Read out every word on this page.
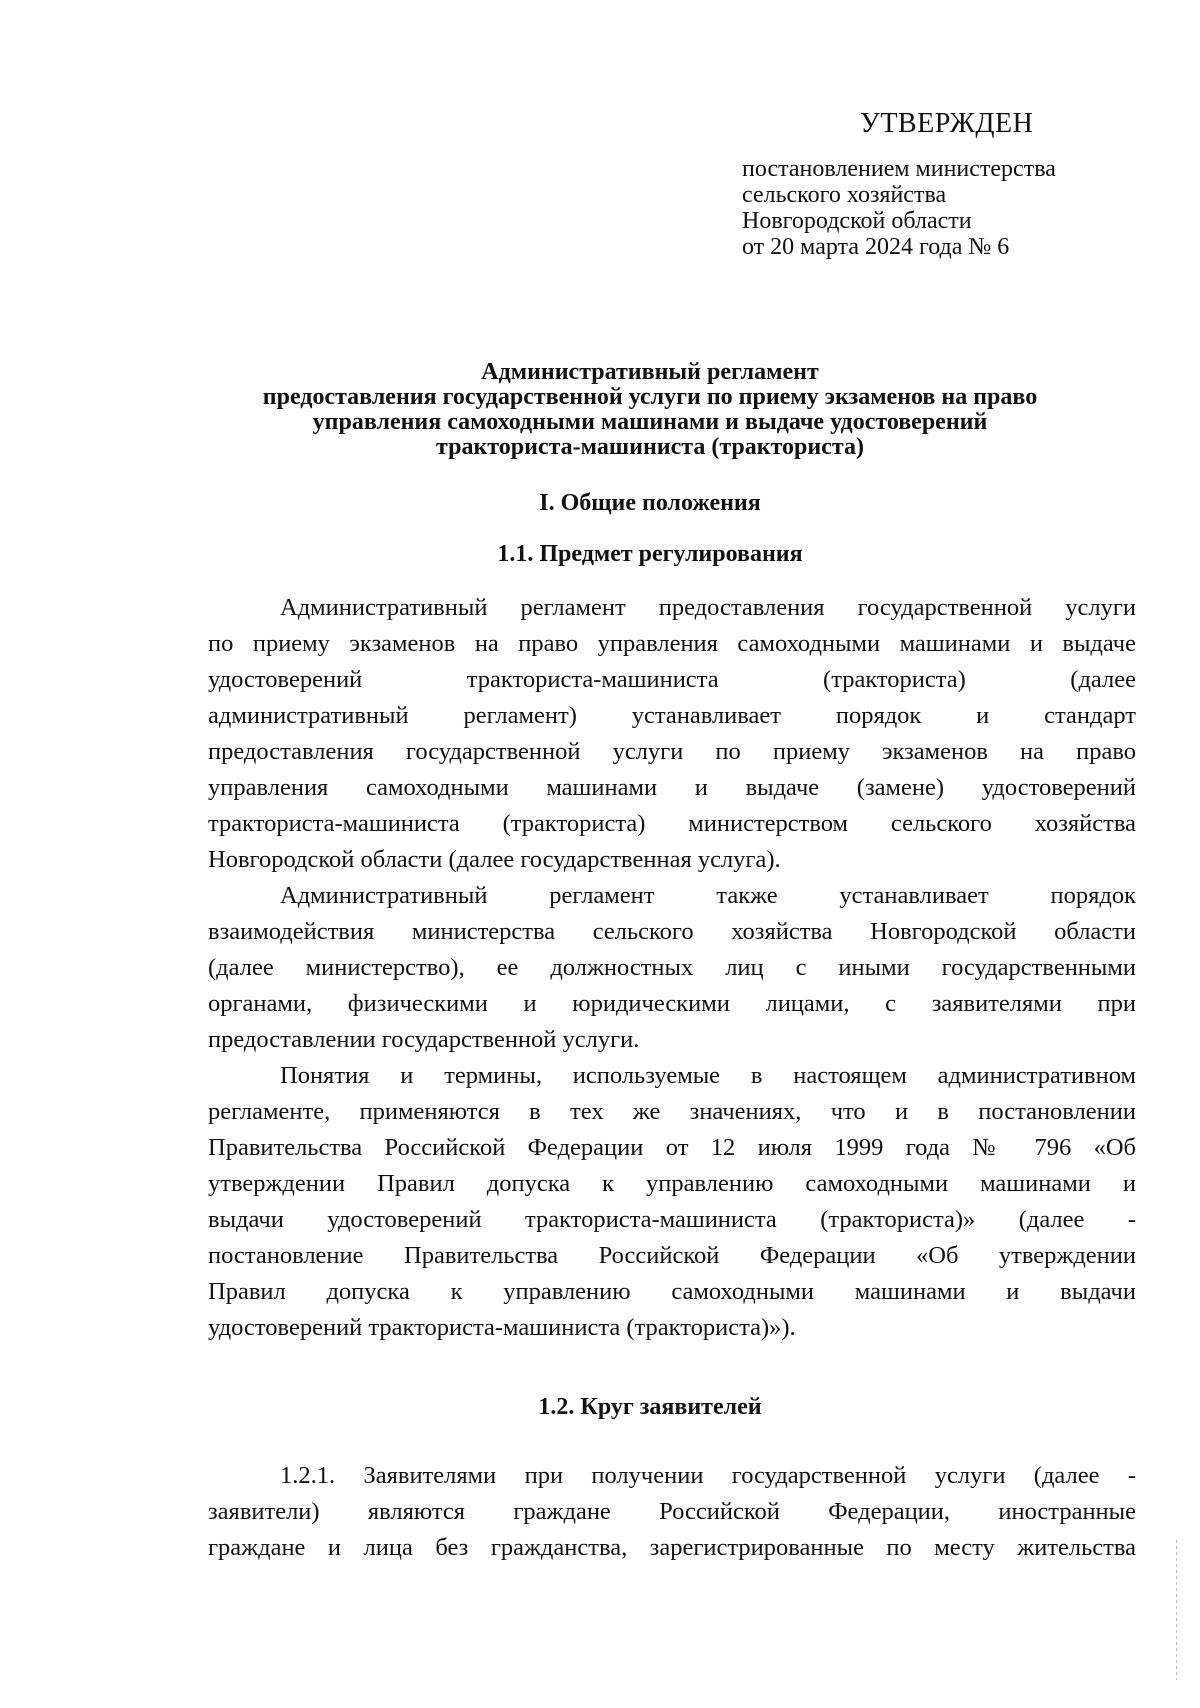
УТВЕРЖДЕН
постановлением министерства
сельского хозяйства
Новгородской области
от 20 марта 2024 года № 6
Административный регламент
предоставления государственной услуги по приему экзаменов на право
управления самоходными машинами и выдаче удостоверений
тракториста-машиниста (тракториста)
I. Общие положения
1.1. Предмет регулирования
Административный регламент предоставления государственной услуги
по приему экзаменов на право управления самоходными машинами и выдаче
удостоверений тракториста-машиниста (тракториста) (далее
административный регламент) устанавливает порядок и стандарт
предоставления государственной услуги по приему экзаменов на право
управления самоходными машинами и выдаче (замене) удостоверений
тракториста-машиниста (тракториста) министерством сельского хозяйства
Новгородской области (далее государственная услуга).
Административный регламент также устанавливает порядок
взаимодействия министерства сельского хозяйства Новгородской области
(далее министерство), ее должностных лиц с иными государственными
органами, физическими и юридическими лицами, с заявителями при
предоставлении государственной услуги.
Понятия и термины, используемые в настоящем административном
регламенте, применяются в тех же значениях, что и в постановлении
Правительства Российской Федерации от 12 июля 1999 года № 796 «Об
утверждении Правил допуска к управлению самоходными машинами и
выдачи удостоверений тракториста-машиниста (тракториста)» (далее -
постановление Правительства Российской Федерации «Об утверждении
Правил допуска к управлению самоходными машинами и выдачи
удостоверений тракториста-машиниста (тракториста)»).
1.2. Круг заявителей
1.2.1. Заявителями при получении государственной услуги (далее -
заявители) являются граждане Российской Федерации, иностранные
граждане и лица без гражданства, зарегистрированные по месту жительства
